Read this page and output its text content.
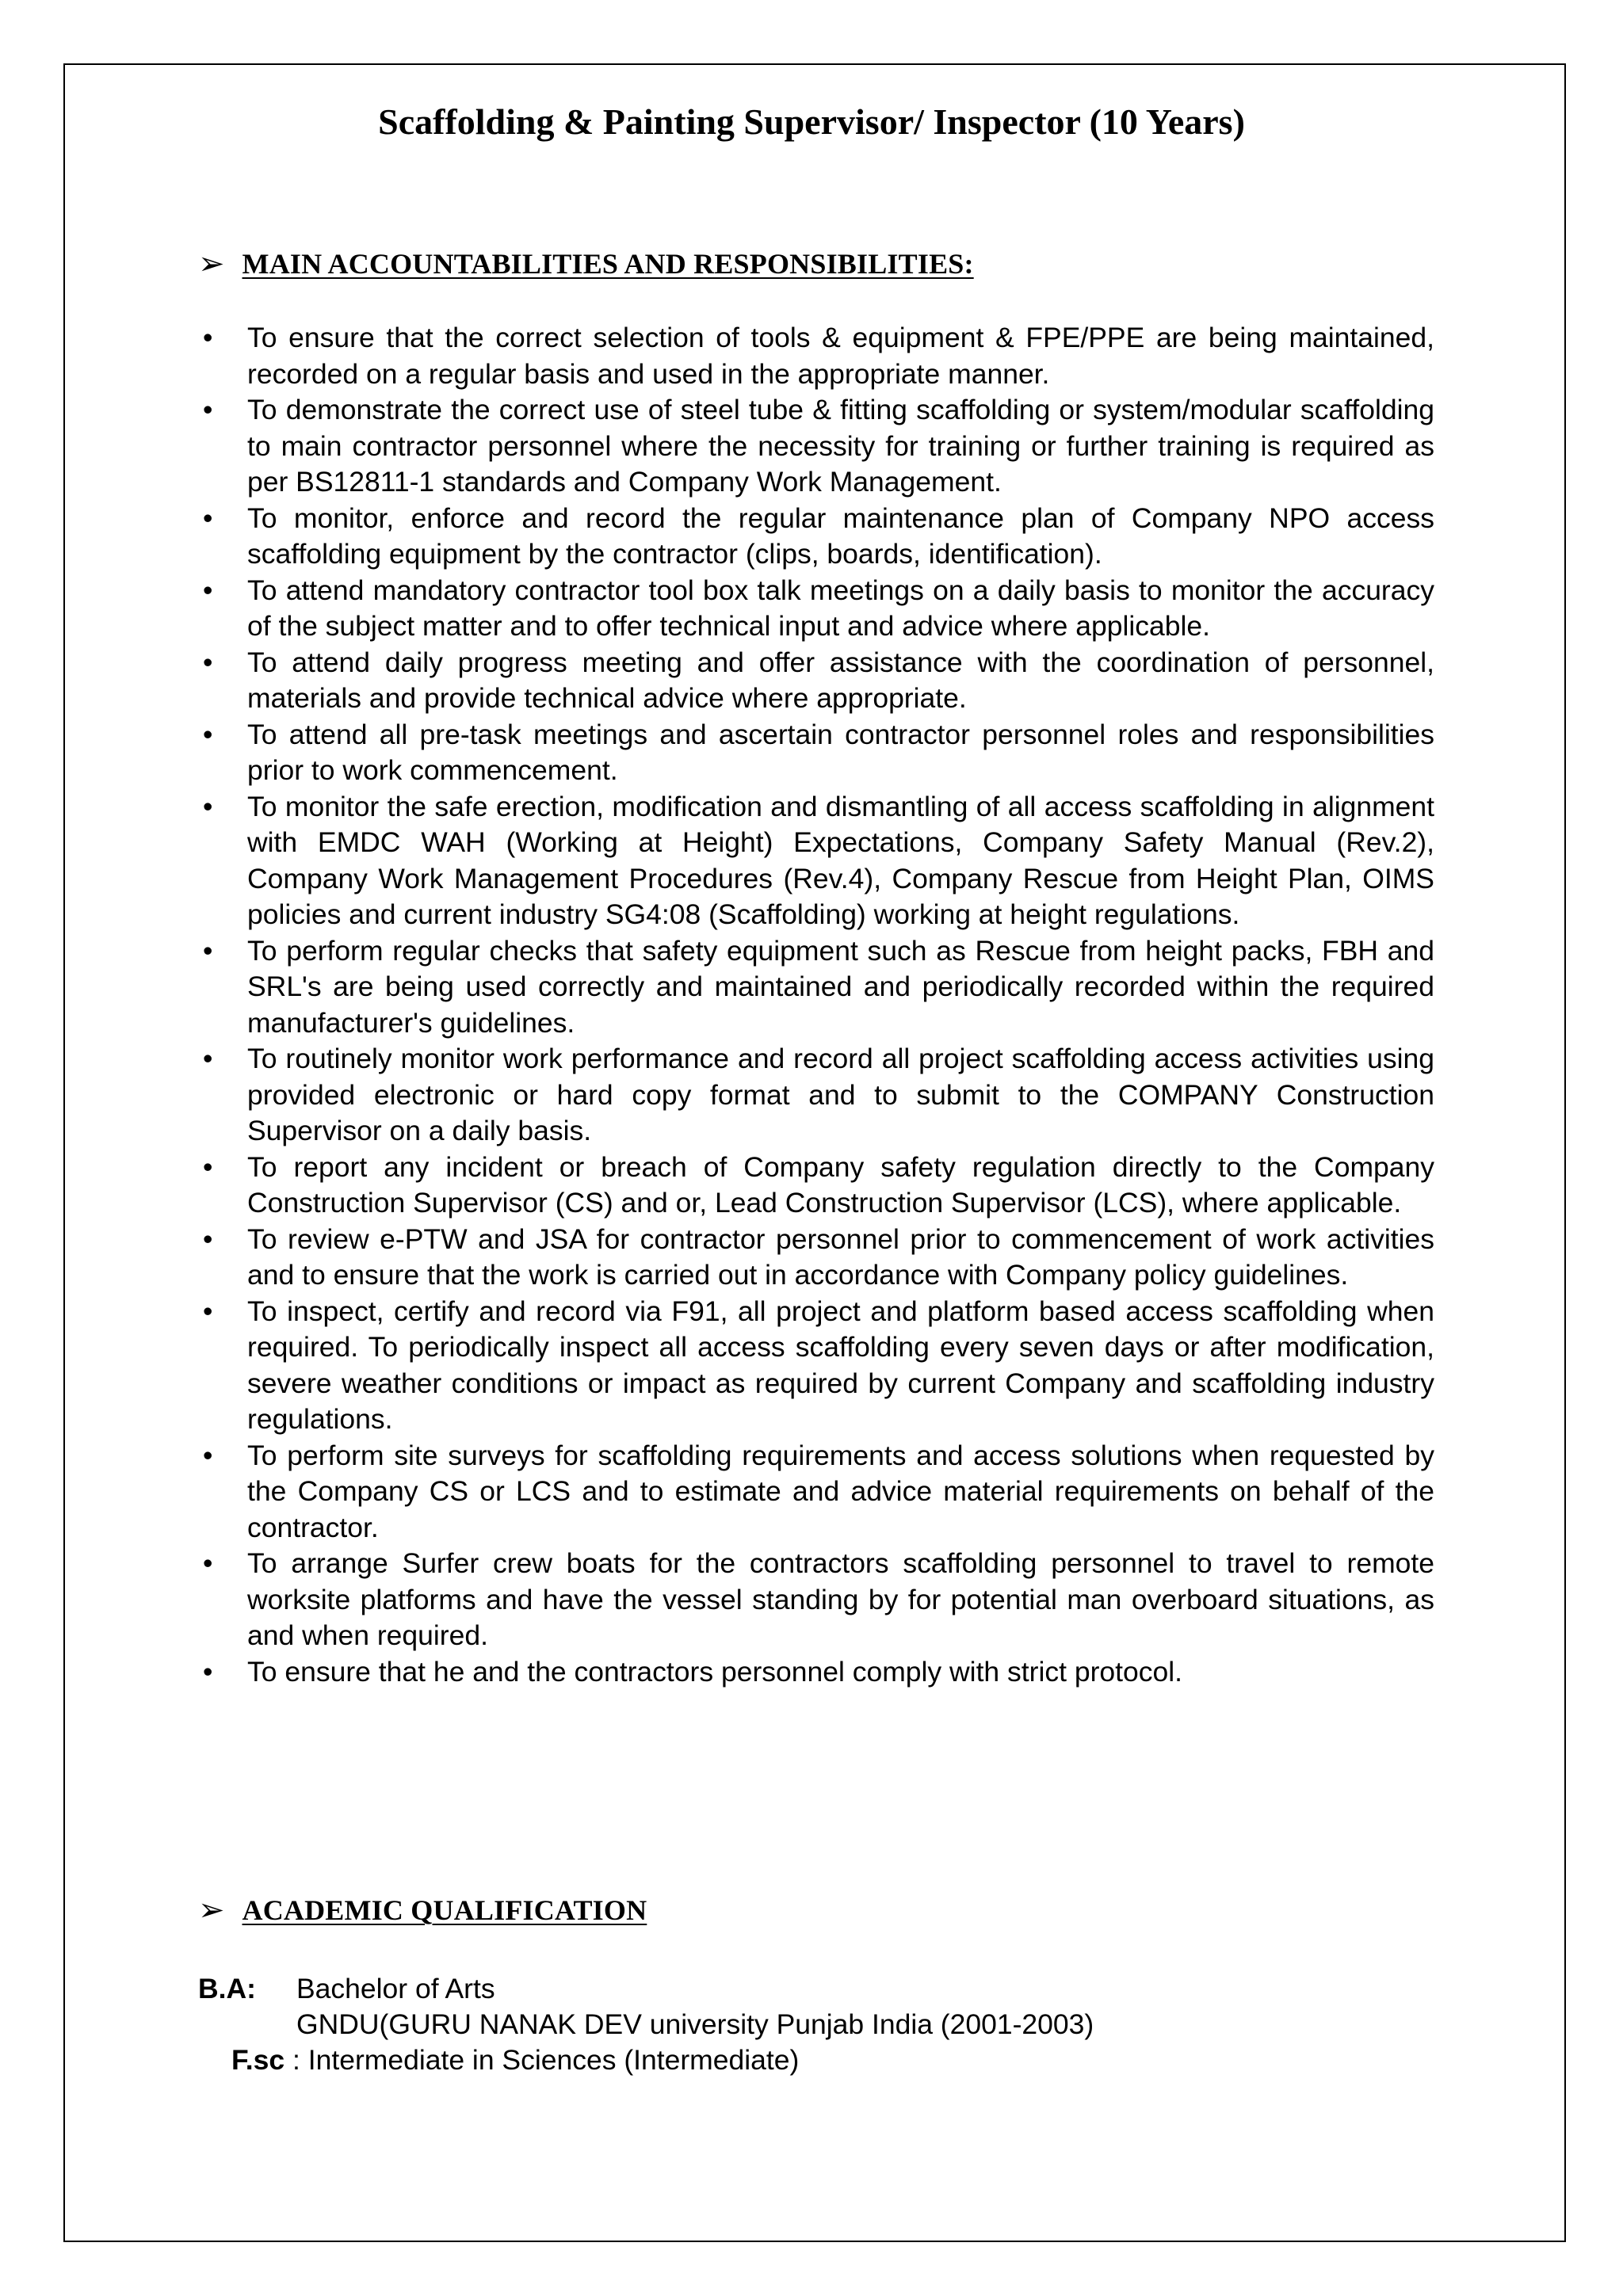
Scaffolding & Painting Supervisor/ Inspector (10 Years)
➢ MAIN ACCOUNTABILITIES AND RESPONSIBILITIES:
•	To ensure that the correct selection of tools & equipment & FPE/PPE are being maintained, recorded on a regular basis and used in the appropriate manner.
•	To demonstrate the correct use of steel tube & fitting scaffolding or system/modular scaffolding to main contractor personnel where the necessity for training or further training is required as per BS12811-1 standards and Company Work Management.
•	To monitor, enforce and record the regular maintenance plan of Company NPO access scaffolding equipment by the contractor (clips, boards, identification).
•	To attend mandatory contractor tool box talk meetings on a daily basis to monitor the accuracy of the subject matter and to offer technical input and advice where applicable.
•	To attend daily progress meeting and offer assistance with the coordination of personnel, materials and provide technical advice where appropriate.
•	To attend all pre-task meetings and ascertain contractor personnel roles and responsibilities prior to work commencement.
•	To monitor the safe erection, modification and dismantling of all access scaffolding in alignment with EMDC WAH (Working at Height) Expectations, Company Safety Manual (Rev.2), Company Work Management Procedures (Rev.4), Company Rescue from Height Plan, OIMS policies and current industry SG4:08 (Scaffolding) working at height regulations.
•	To perform regular checks that safety equipment such as Rescue from height packs, FBH and SRL's are being used correctly and maintained and periodically recorded within the required manufacturer's guidelines.
•	To routinely monitor work performance and record all project scaffolding access activities using provided electronic or hard copy format and to submit to the COMPANY Construction Supervisor on a daily basis.
•	To report any incident or breach of Company safety regulation directly to the Company Construction Supervisor (CS) and or, Lead Construction Supervisor (LCS), where applicable.
•	To review e-PTW and JSA for contractor personnel prior to commencement of work activities and to ensure that the work is carried out in accordance with Company policy guidelines.
•	To inspect, certify and record via F91, all project and platform based access scaffolding when required. To periodically inspect all access scaffolding every seven days or after modification, severe weather conditions or impact as required by current Company and scaffolding industry regulations.
•	To perform site surveys for scaffolding requirements and access solutions when requested by the Company CS or LCS and to estimate and advice material requirements on behalf of the contractor.
•	To arrange Surfer crew boats for the contractors scaffolding personnel to travel to remote worksite platforms and have the vessel standing by for potential man overboard situations, as and when required.
•	To ensure that he and the contractors personnel comply with strict protocol.
➢ ACADEMIC QUALIFICATION
B.A: Bachelor of Arts
GNDU(GURU NANAK DEV university Punjab India (2001-2003)
F.sc : Intermediate in Sciences (Intermediate)
